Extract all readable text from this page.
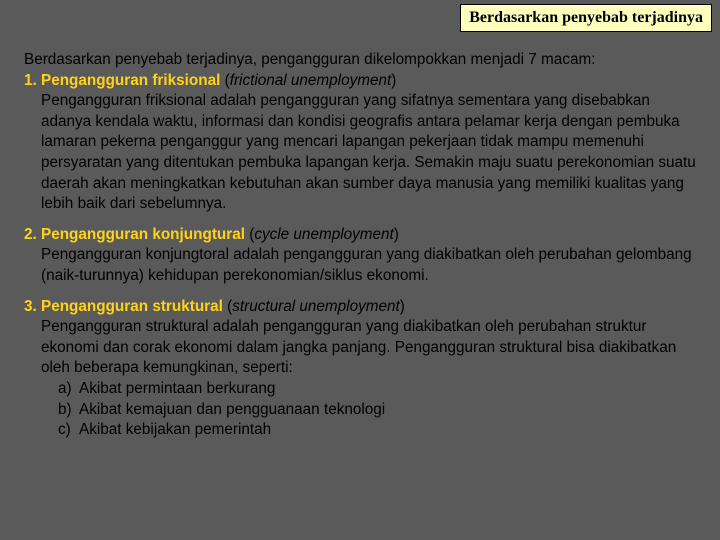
Berdasarkan penyebab terjadinya

Berdasarkan penyebab terjadinya, pengangguran dikelompokkan menjadi 7 macam:

1. Pengangguran friksional (frictional unemployment)

Pengangguran friksional adalah pengangguran yang sifatnya sementara yang disebabkan adanya kendala waktu, informasi dan kondisi geografis antara pelamar kerja dengan pembuka lamaran pekerna penganggur yang mencari lapangan pekerjaan tidak mampu memenuhi persyaratan yang ditentukan pembuka lapangan kerja. Semakin maju suatu perekonomian suatu daerah akan meningkatkan kebutuhan akan sumber daya manusia yang memiliki kualitas yang lebih baik dari sebelumnya.

2. Pengangguran konjungtural (cycle unemployment)

Pengangguran konjungtoral adalah pengangguran yang diakibatkan oleh perubahan gelombang (naik-turunnya) kehidupan perekonomian/siklus ekonomi.

3. Pengangguran struktural (structural unemployment)

Pengangguran struktural adalah pengangguran yang diakibatkan oleh perubahan struktur ekonomi dan corak ekonomi dalam jangka panjang. Pengangguran struktural bisa diakibatkan oleh beberapa kemungkinan, seperti:

a) Akibat permintaan berkurang
b) Akibat kemajuan dan pengguanaan teknologi
c) Akibat kebijakan pemerintah
